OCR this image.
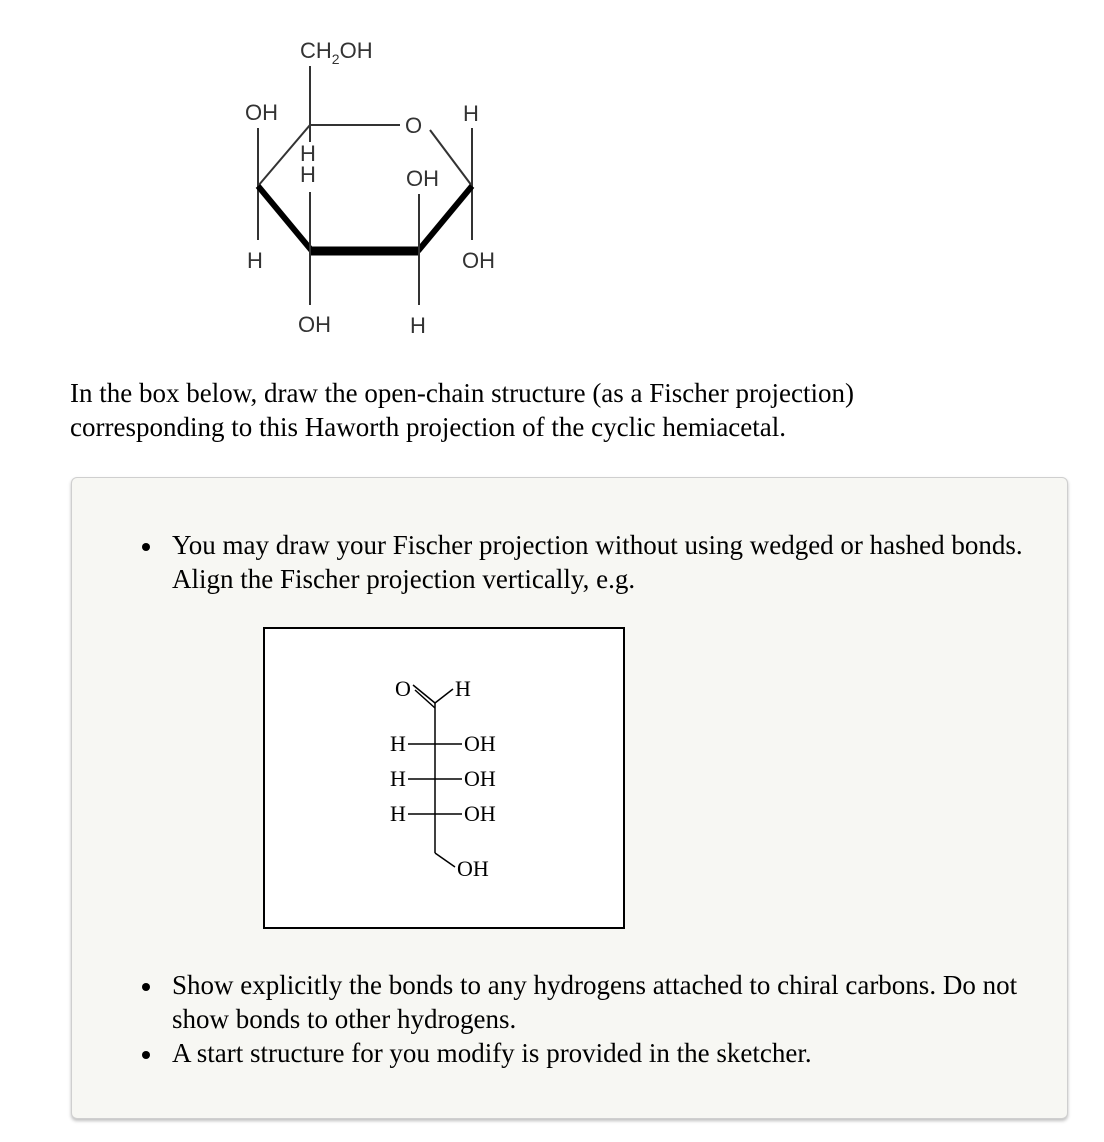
$CH_2OH$
O
H
H
OH
OH
H
H
OH
OH
H

In the box below, draw the open-chain structure (as a Fischer projection)
corresponding to this Haworth projection of the cyclic hemiacetal.

You may draw your Fischer projection without using wedged or hashed bonds. Align the Fischer projection vertically, e.g.
O H
H	OH
H	OH
H	OH
OH
Show explicitly the bonds to any hydrogens attached to chiral carbons. Do not show bonds to other hydrogens.
A start structure for you modify is provided in the sketcher.
